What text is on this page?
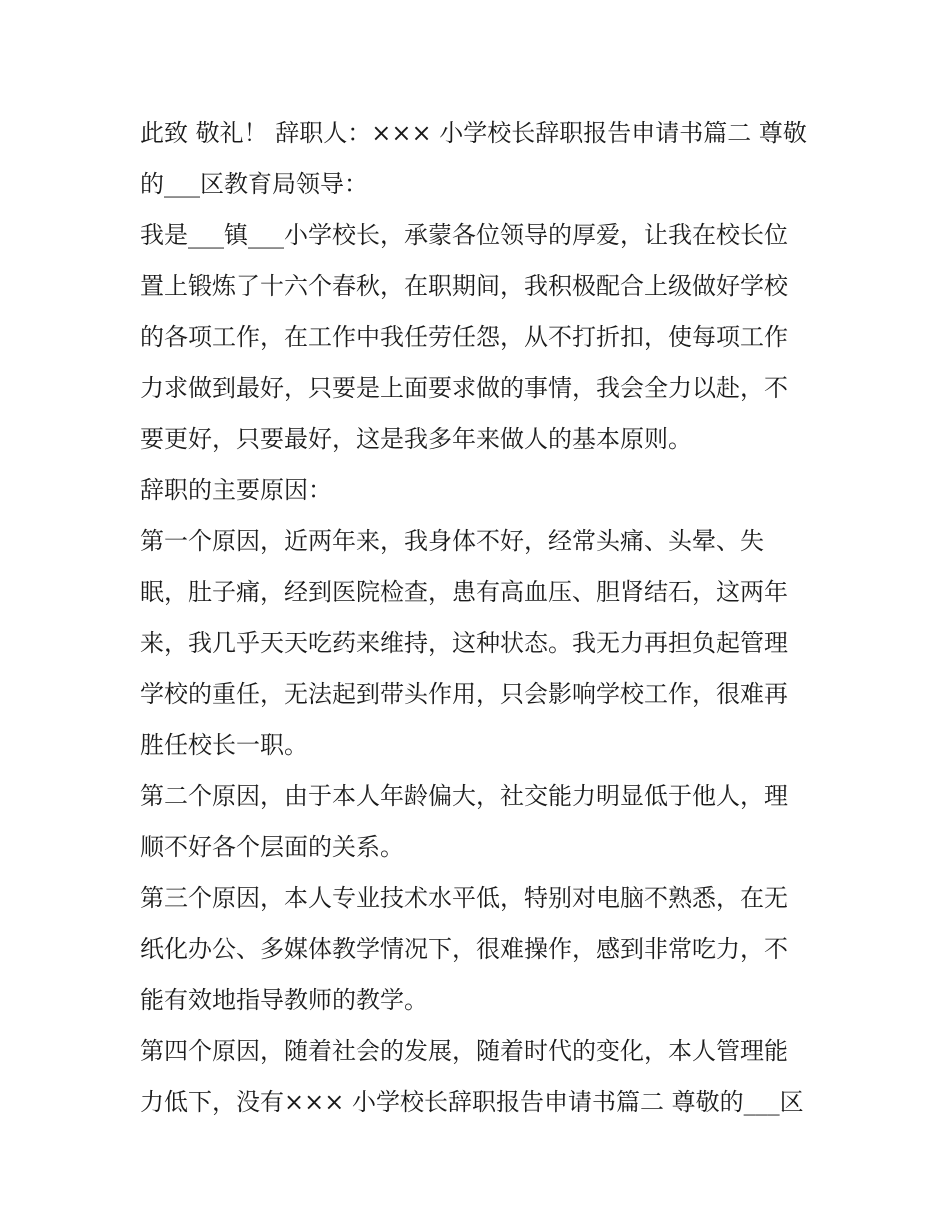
此致 敬礼！ 辞职人：××× 小学校长辞职报告申请书篇二 尊敬
的___区教育局领导：
我是___镇___小学校长，承蒙各位领导的厚爱，让我在校长位
置上锻炼了十六个春秋，在职期间，我积极配合上级做好学校
的各项工作，在工作中我任劳任怨，从不打折扣，使每项工作
力求做到最好，只要是上面要求做的事情，我会全力以赴，不
要更好，只要最好，这是我多年来做人的基本原则。
辞职的主要原因：
第一个原因，近两年来，我身体不好，经常头痛、头晕、失
眠，肚子痛，经到医院检查，患有高血压、胆肾结石，这两年
来，我几乎天天吃药来维持，这种状态。我无力再担负起管理
学校的重任，无法起到带头作用，只会影响学校工作，很难再
胜任校长一职。
第二个原因，由于本人年龄偏大，社交能力明显低于他人，理
顺不好各个层面的关系。
第三个原因，本人专业技术水平低，特别对电脑不熟悉，在无
纸化办公、多媒体教学情况下，很难操作，感到非常吃力，不
能有效地指导教师的教学。
第四个原因，随着社会的发展，随着时代的变化，本人管理能
力低下，没有××× 小学校长辞职报告申请书篇二 尊敬的___区
